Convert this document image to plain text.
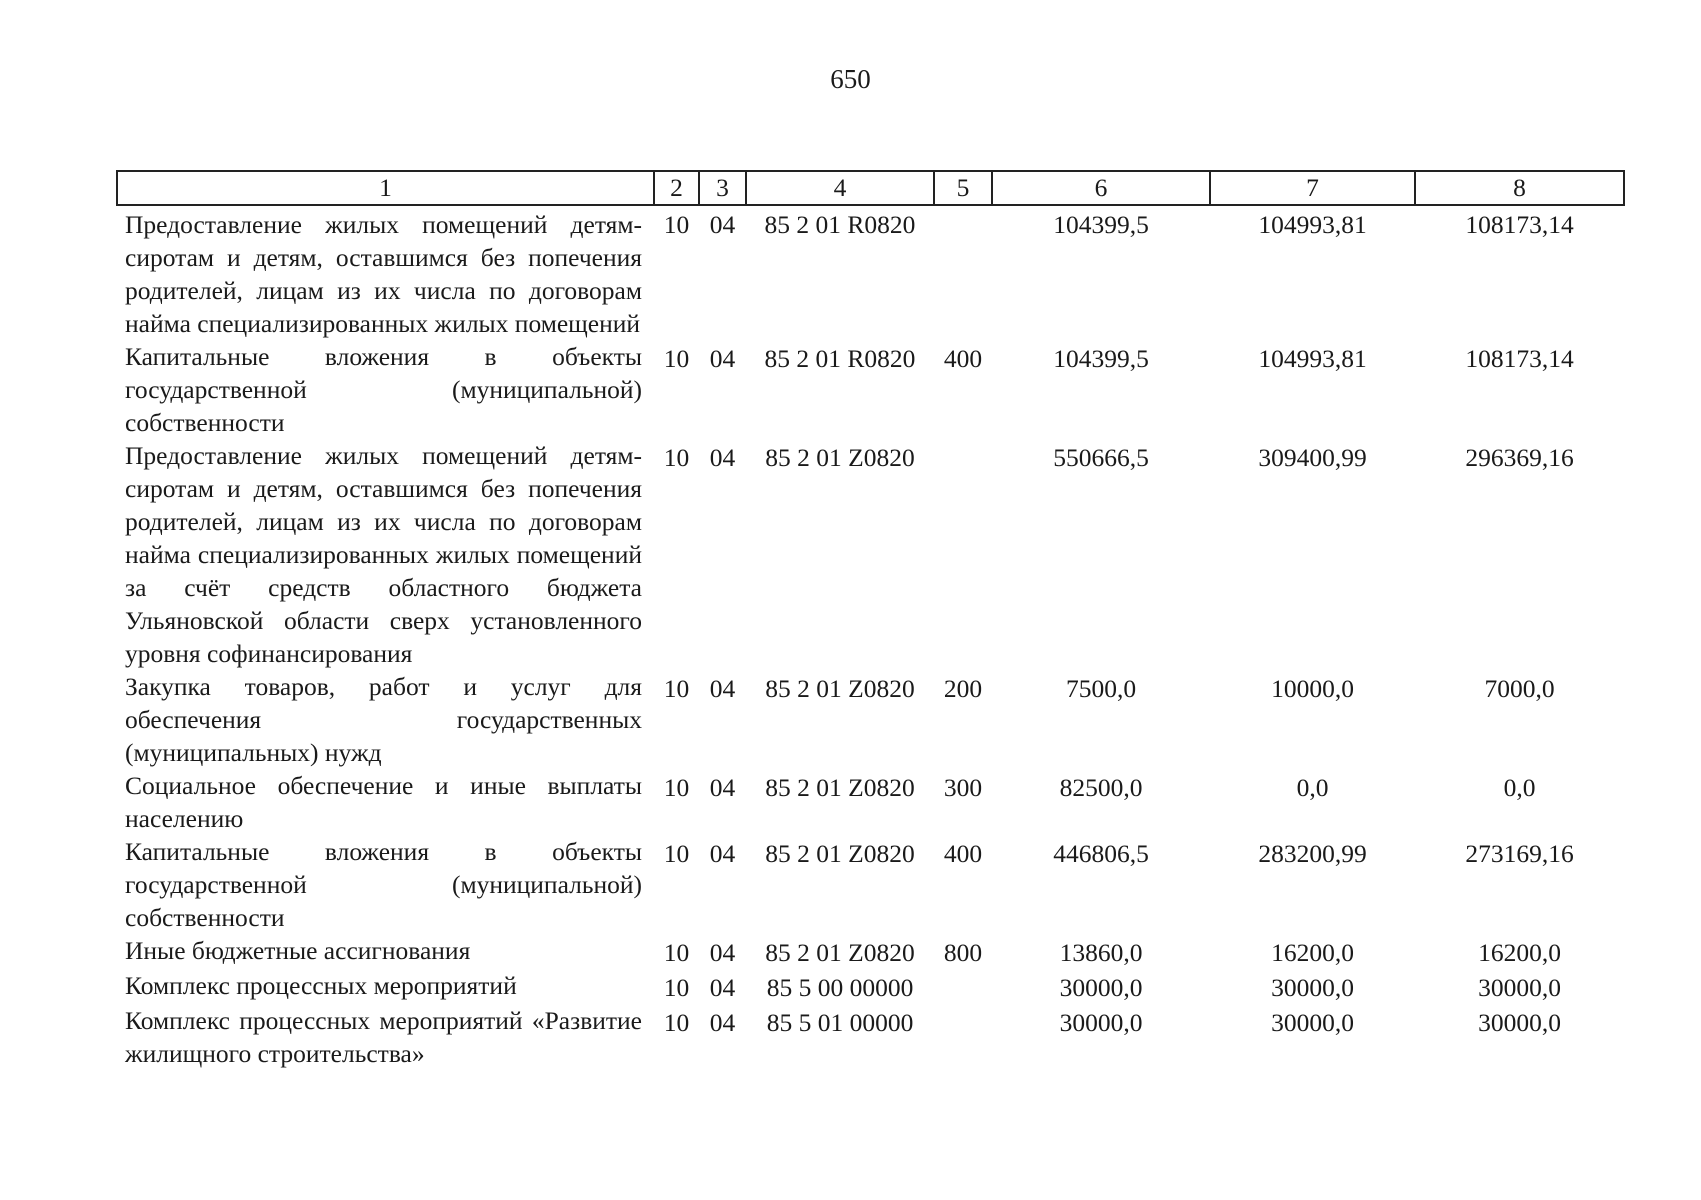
650
1	2	3	4	5	6	7	8
Предоставление жилых помещений детям-сиротам и детям, оставшимся без попечения родителей, лицам из их числа по договорам найма специализированных жилых помещений	10	04	85 2 01 R0820		104399,5	104993,81	108173,14
Капитальные вложения в объекты государственной (муниципальной) собственности	10	04	85 2 01 R0820	400	104399,5	104993,81	108173,14
Предоставление жилых помещений детям-сиротам и детям, оставшимся без попечения родителей, лицам из их числа по договорам найма специализированных жилых помещений за счёт средств областного бюджета Ульяновской области сверх установленного уровня софинансирования	10	04	85 2 01 Z0820		550666,5	309400,99	296369,16
Закупка товаров, работ и услуг для обеспечения государственных (муниципальных) нужд	10	04	85 2 01 Z0820	200	7500,0	10000,0	7000,0
Социальное обеспечение и иные выплаты населению	10	04	85 2 01 Z0820	300	82500,0	0,0	0,0
Капитальные вложения в объекты государственной (муниципальной) собственности	10	04	85 2 01 Z0820	400	446806,5	283200,99	273169,16
Иные бюджетные ассигнования	10	04	85 2 01 Z0820	800	13860,0	16200,0	16200,0
Комплекс процессных мероприятий	10	04	85 5 00 00000		30000,0	30000,0	30000,0
Комплекс процессных мероприятий «Развитие жилищного строительства»	10	04	85 5 01 00000		30000,0	30000,0	30000,0
